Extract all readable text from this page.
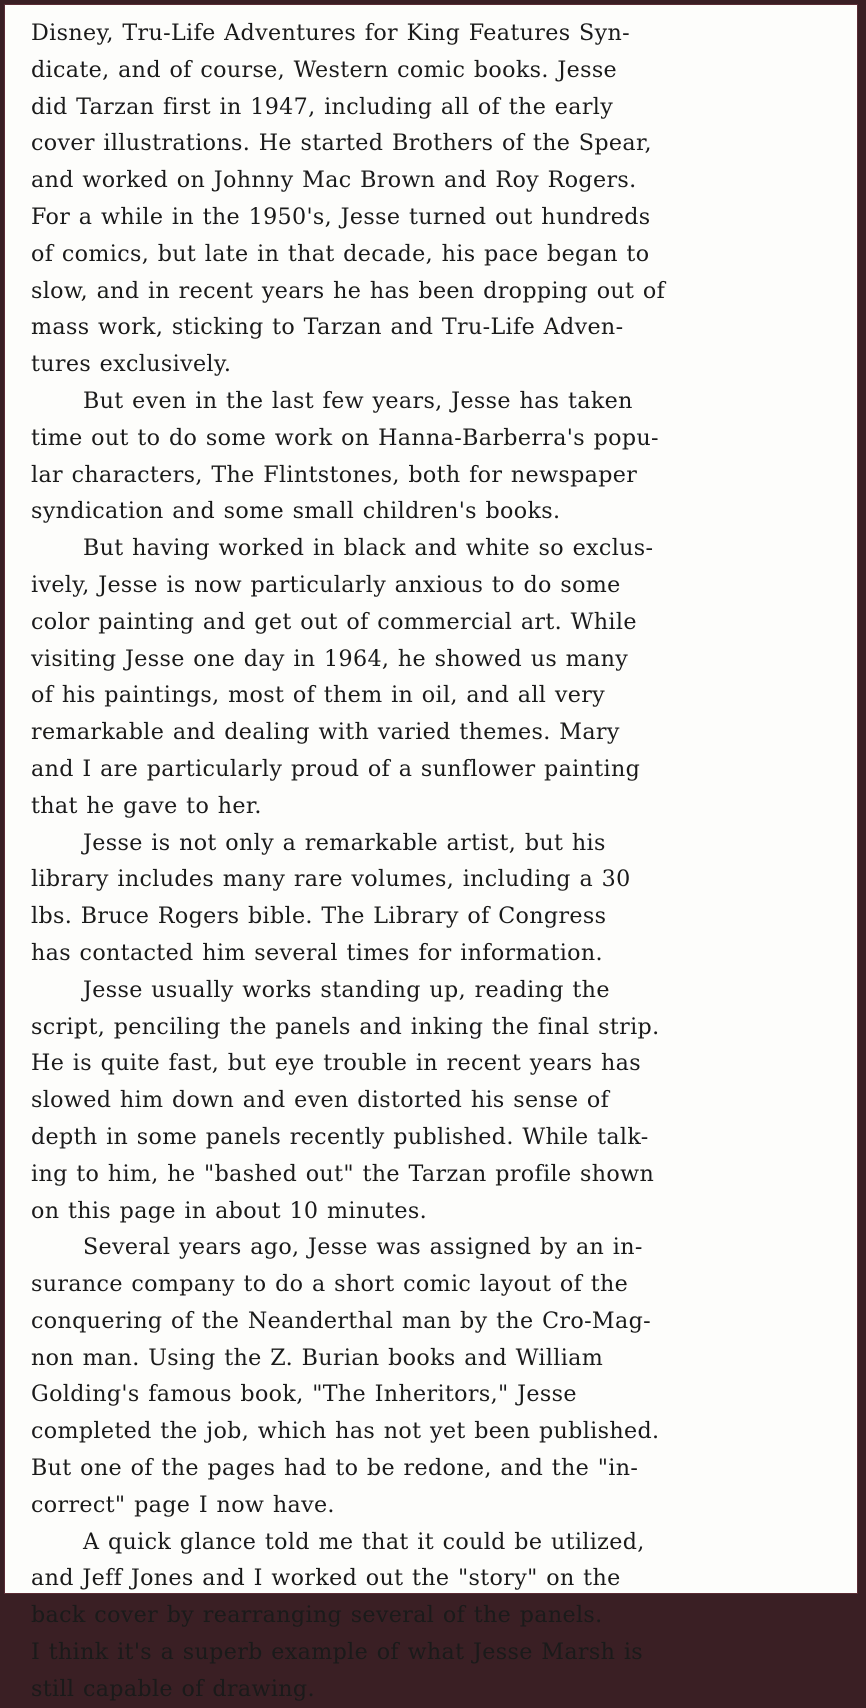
Disney, Tru-Life Adventures for King Features Syn-
dicate, and of course, Western comic books. Jesse
did Tarzan first in 1947, including all of the early
cover illustrations. He started Brothers of the Spear,
and worked on Johnny Mac Brown and Roy Rogers.
For a while in the 1950's, Jesse turned out hundreds
of comics, but late in that decade, his pace began to
slow, and in recent years he has been dropping out of
mass work, sticking to Tarzan and Tru-Life Adven-
tures exclusively.
But even in the last few years, Jesse has taken
time out to do some work on Hanna-Barberra's popu-
lar characters, The Flintstones, both for newspaper
syndication and some small children's books.
But having worked in black and white so exclus-
ively, Jesse is now particularly anxious to do some
color painting and get out of commercial art. While
visiting Jesse one day in 1964, he showed us many
of his paintings, most of them in oil, and all very
remarkable and dealing with varied themes. Mary
and I are particularly proud of a sunflower painting
that he gave to her.
Jesse is not only a remarkable artist, but his
library includes many rare volumes, including a 30
lbs. Bruce Rogers bible. The Library of Congress
has contacted him several times for information.
Jesse usually works standing up, reading the
script, penciling the panels and inking the final strip.
He is quite fast, but eye trouble in recent years has
slowed him down and even distorted his sense of
depth in some panels recently published. While talk-
ing to him, he "bashed out" the Tarzan profile shown
on this page in about 10 minutes.
Several years ago, Jesse was assigned by an in-
surance company to do a short comic layout of the
conquering of the Neanderthal man by the Cro-Mag-
non man. Using the Z. Burian books and William
Golding's famous book, "The Inheritors," Jesse
completed the job, which has not yet been published.
But one of the pages had to be redone, and the "in-
correct" page I now have.
A quick glance told me that it could be utilized,
and Jeff Jones and I worked out the "story" on the
back cover by rearranging several of the panels.
I think it's a superb example of what Jesse Marsh is
still capable of drawing.
